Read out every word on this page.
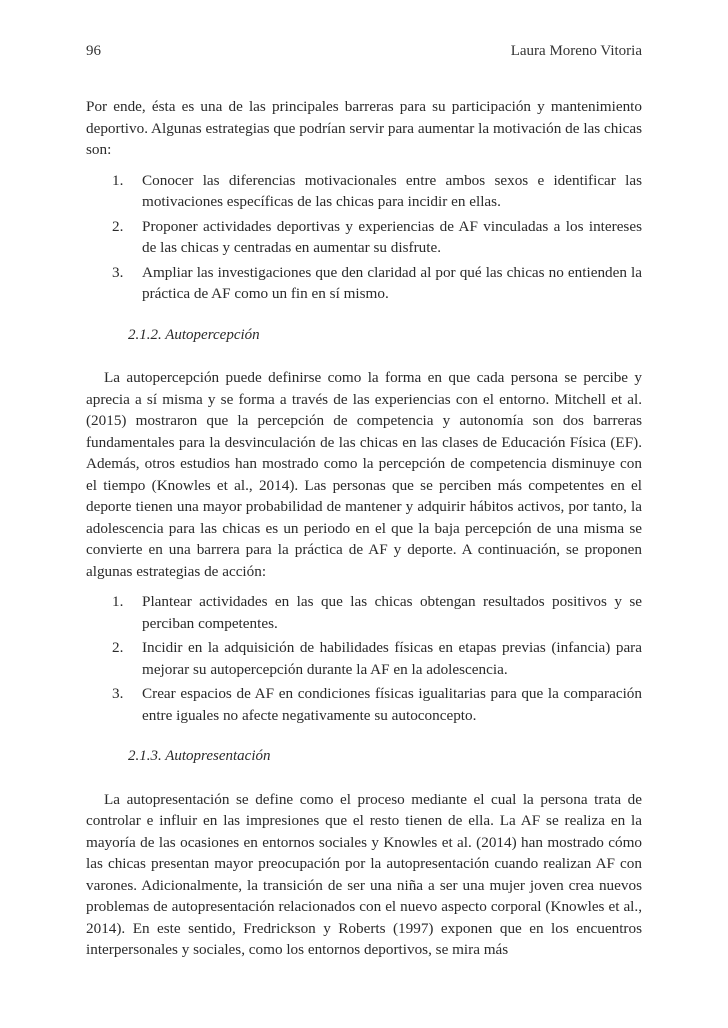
96	Laura Moreno Vitoria

Por ende, ésta es una de las principales barreras para su participación y mantenimiento deportivo. Algunas estrategias que podrían servir para aumentar la motivación de las chicas son:

1. Conocer las diferencias motivacionales entre ambos sexos e identificar las motivaciones específicas de las chicas para incidir en ellas.
2. Proponer actividades deportivas y experiencias de AF vinculadas a los intereses de las chicas y centradas en aumentar su disfrute.
3. Ampliar las investigaciones que den claridad al por qué las chicas no entienden la práctica de AF como un fin en sí mismo.
2.1.2. Autopercepción

La autopercepción puede definirse como la forma en que cada persona se percibe y aprecia a sí misma y se forma a través de las experiencias con el entorno. Mitchell et al. (2015) mostraron que la percepción de competencia y autonomía son dos barreras fundamentales para la desvinculación de las chicas en las clases de Educación Física (EF). Además, otros estudios han mostrado como la percepción de competencia disminuye con el tiempo (Knowles et al., 2014). Las personas que se perciben más competentes en el deporte tienen una mayor probabilidad de mantener y adquirir hábitos activos, por tanto, la adolescencia para las chicas es un periodo en el que la baja percepción de una misma se convierte en una barrera para la práctica de AF y deporte. A continuación, se proponen algunas estrategias de acción:

1. Plantear actividades en las que las chicas obtengan resultados positivos y se perciban competentes.
2. Incidir en la adquisición de habilidades físicas en etapas previas (infancia) para mejorar su autopercepción durante la AF en la adolescencia.
3. Crear espacios de AF en condiciones físicas igualitarias para que la comparación entre iguales no afecte negativamente su autoconcepto.
2.1.3. Autopresentación

La autopresentación se define como el proceso mediante el cual la persona trata de controlar e influir en las impresiones que el resto tienen de ella. La AF se realiza en la mayoría de las ocasiones en entornos sociales y Knowles et al. (2014) han mostrado cómo las chicas presentan mayor preocupación por la autopresentación cuando realizan AF con varones. Adicionalmente, la transición de ser una niña a ser una mujer joven crea nuevos problemas de autopresentación relacionados con el nuevo aspecto corporal (Knowles et al., 2014). En este sentido, Fredrickson y Roberts (1997) exponen que en los encuentros interpersonales y sociales, como los entornos deportivos, se mira más
